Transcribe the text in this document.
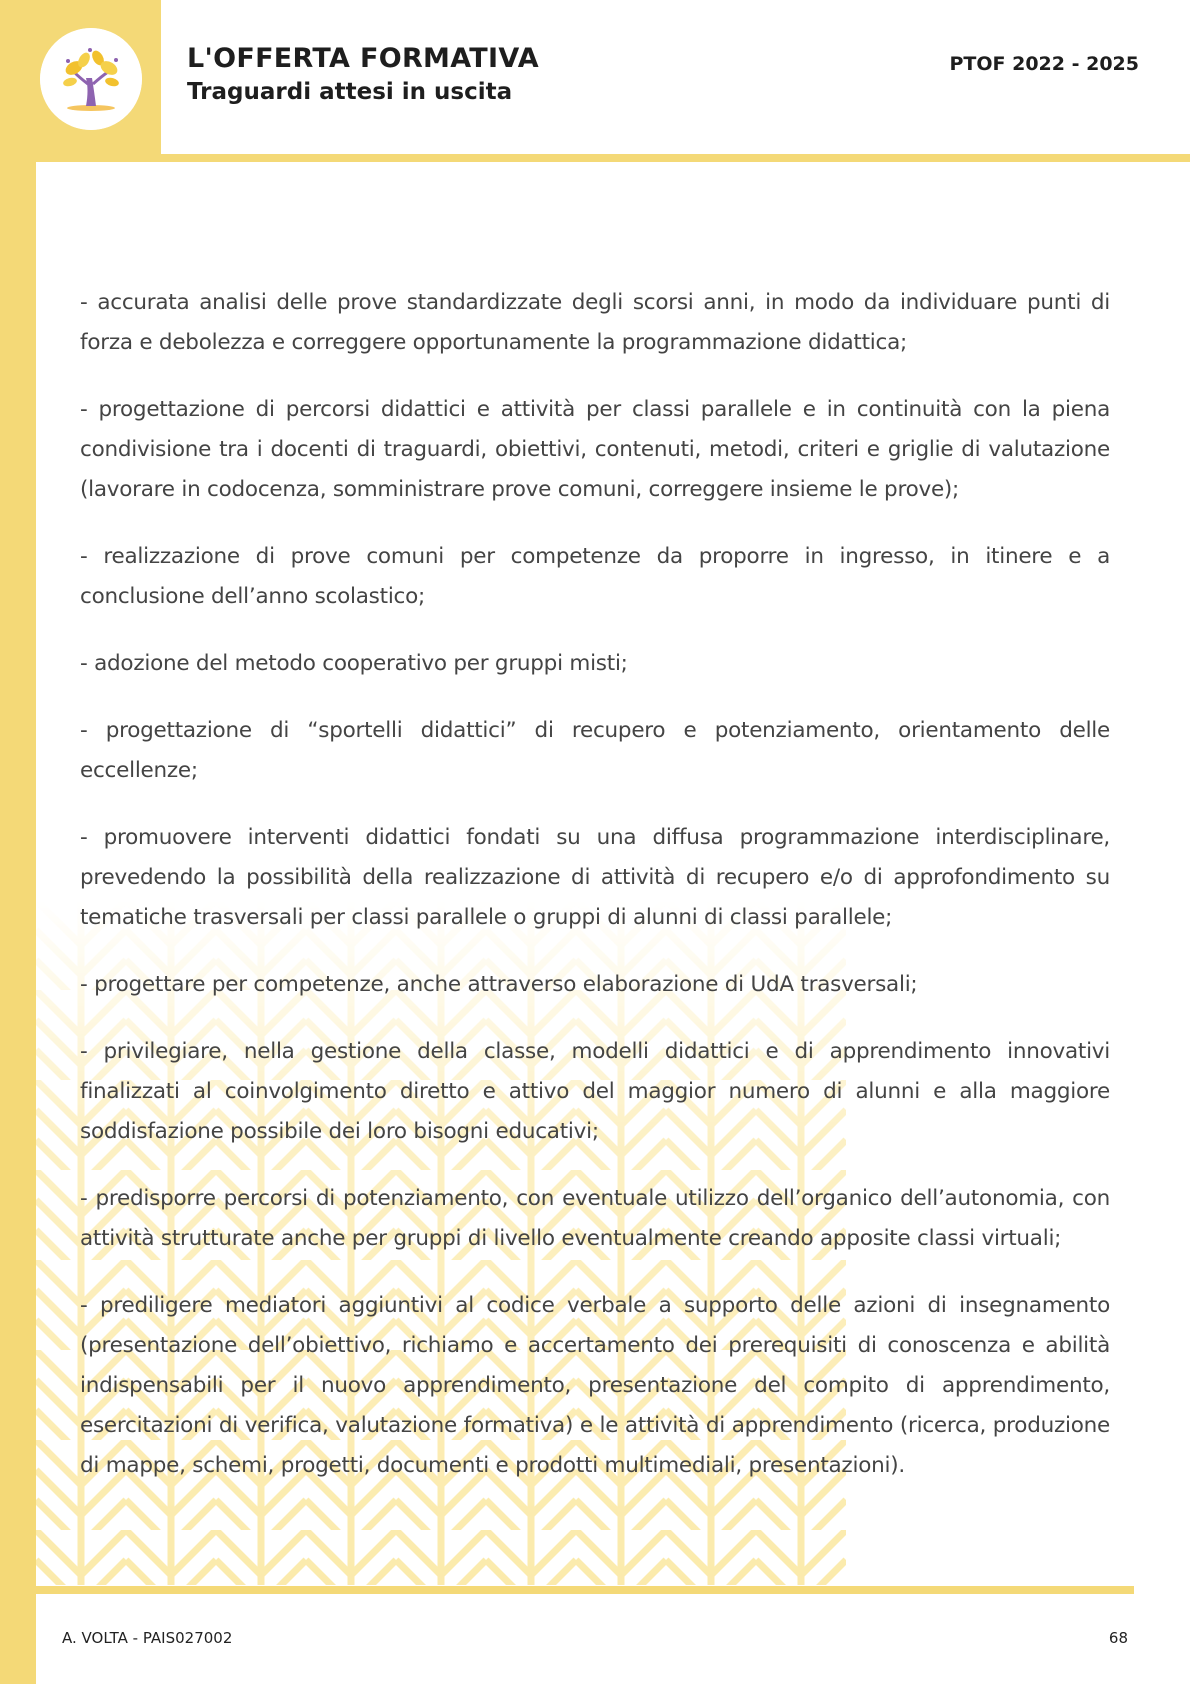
L'OFFERTA FORMATIVA
Traguardi attesi in uscita
PTOF 2022 - 2025

- accurata analisi delle prove standardizzate degli scorsi anni, in modo da individuare punti di forza e debolezza e correggere opportunamente la programmazione didattica;

- progettazione di percorsi didattici e attività per classi parallele e in continuità con la piena condivisione tra i docenti di traguardi, obiettivi, contenuti, metodi, criteri e griglie di valutazione (lavorare in codocenza, somministrare prove comuni, correggere insieme le prove);

- realizzazione di prove comuni per competenze da proporre in ingresso, in itinere e a conclusione dell’anno scolastico;

- adozione del metodo cooperativo per gruppi misti;

- progettazione di “sportelli didattici” di recupero e potenziamento, orientamento delle eccellenze;

- promuovere interventi didattici fondati su una diffusa programmazione interdisciplinare, prevedendo la possibilità della realizzazione di attività di recupero e/o di approfondimento su tematiche trasversali per classi parallele o gruppi di alunni di classi parallele;

- progettare per competenze, anche attraverso elaborazione di UdA trasversali;

- privilegiare, nella gestione della classe, modelli didattici e di apprendimento innovativi finalizzati al coinvolgimento diretto e attivo del maggior numero di alunni e alla maggiore soddisfazione possibile dei loro bisogni educativi;

- predisporre percorsi di potenziamento, con eventuale utilizzo dell’organico dell’autonomia, con attività strutturate anche per gruppi di livello eventualmente creando apposite classi virtuali;

- prediligere mediatori aggiuntivi al codice verbale a supporto delle azioni di insegnamento (presentazione dell’obiettivo, richiamo e accertamento dei prerequisiti di conoscenza e abilità indispensabili per il nuovo apprendimento, presentazione del compito di apprendimento, esercitazioni di verifica, valutazione formativa) e le attività di apprendimento (ricerca, produzione di mappe, schemi, progetti, documenti e prodotti multimediali, presentazioni).

A. VOLTA - PAIS027002	68
